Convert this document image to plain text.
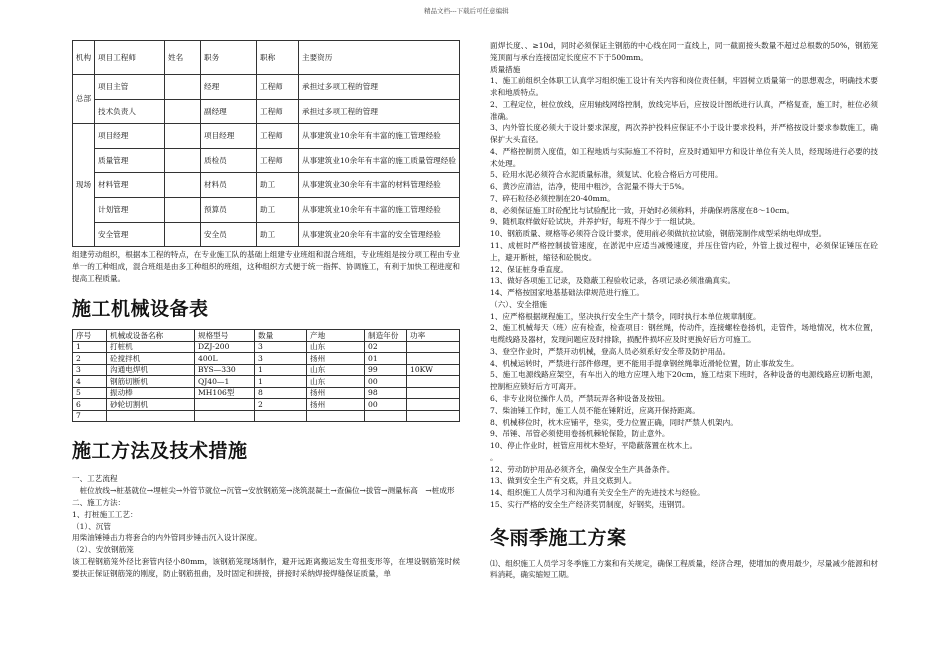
精品文档---下载后可任意编辑
机构	项目工程师	姓名	职务	职称	主要资历
总部	项目主管		经理	工程师	承担过多项工程的管理
	技术负责人		副经理	工程师	承担过多项工程的管理
现场	项目经理		项目经理	工程师	从事建筑业10余年有丰富的施工管理经验
	质量管理		质检员	工程师	从事建筑业10余年有丰富的施工质量管理经验
	材料管理		材料员	助工	从事建筑业30余年有丰富的材料管理经验
	计划管理		预算员	助工	从事建筑业10余年有丰富的施工管理经验
	安全管理		安全员	助工	从事建筑业20余年有丰富的安全管理经验
组建劳动组织，根据本工程的特点，在专业施工队的基础上组建专业班组和混合班组，专业班组是按分项工程由专业单一的工种组成，混合班组是由多工种组织的班组，这种组织方式便于统一指挥、协调施工，有利于加快工程进度和提高工程质量。
施工机械设备表
序号	机械或设备名称	规格型号	数量	产地	制造年份	功率
1	打桩机	DZJ-200	3	山东	02	
2	砼搅拌机	400L	3	扬州	01	
3	沟通电焊机	BYS—330	1	山东	99	10KW
4	钢筋切断机	QJ40—1	1	山东	00	
5	振动棒	MH106型	8	扬州	98	
6	砂轮切割机		2	扬州	00	
7						
施工方法及技术措施
一、工艺流程
　桩位放线→桩基就位→埋桩尖→外管节就位→沉管→安放钢筋笼→浇筑混凝土→查偏位→拔管→测量标高　→桩成形
二、施工方法：
1、打桩施工工艺：
（1）、沉管
用柴油锤锤击力将套合的内外管同步锤击沉入设计深度。
（2）、安放钢筋笼
该工程钢筋笼外径比套管内径小80mm，该钢筋笼现场制作，避开远距离搬运发生弯扭变形等，在埋设钢筋笼时候要扶正保证钢筋笼的刚度，防止钢筋扭曲，及时固定和拼接，拼接时采纳焊接焊缝保证质量，单
面焊长度、、≥10d，同时必须保证主钢筋的中心线在同一直线上，同一截面接头数量不超过总根数的50%，钢筋笼笼顶面与承台连接固定长度应不下于500mm。
质量措施
1、施工前组织全体职工认真学习组织施工设计有关内容和岗位责任制，牢固树立质量第一的思想观念，明确技术要求和地质特点。
2、工程定位，桩位放线，应用轴线网络控制，放线完毕后，应按设计图纸进行认真，严格复查，施工时，桩位必须准确。
3、内外管长度必须大于设计要求深度，两次养护投料应保证不小于设计要求投料，并严格按设计要求参数施工，确保扩大头直径。
4、严格控制贯入度值，如工程地质与实际施工不符时，应及时通知甲方和设计单位有关人员，经现场进行必要的技术处理。
5、砼用水泥必须符合水泥质量标准，须复试、化验合格后方可使用。
6、黄沙应清洁，洁净，使用中粗沙，含泥量不得大于5%。
7、碎石粒径必须控制在20-40mm。
8、必须保证施工时砼配比与试验配比一致，开始时必须称料，并确保坍落度在8～10cm。
9、随机取样做好砼试块，并养护好，每班不得少于一组试块。
10、钢筋质量、规格等必须符合设计要求，使用前必须做抗拉试验，钢筋笼制作成型采纳电焊成型。
11、成桩时严格控制拔管速度，在淤泥中应适当减慢速度，并压住管内砼，外管上拔过程中，必须保证锤压在砼上，避开断桩，缩径和砼脱皮。
12、保证桩身垂直度。
13、做好各项施工记录，及隐蔽工程验收记录，各项记录必须准确真实。
14、严格按国家地基基础法律规范进行施工。
（六）、安全措施
1、应严格根据规程施工，坚决执行安全生产十禁令，同时执行本单位规章制度。
2、施工机械每天（班）应有检查，检查项目：钢丝绳，传动件，连接螺栓卷扬机，走管件，场地情况，枕木位置，电缆线路及器材，发现问题应及时排除，损配件损坏应及时更换好后方可施工。
3、登空作业时，严禁开动机械，登高人员必须系好安全带及防护用品。
4、机械运转时，严禁进行部件修理，更不能用手提拿钢丝绳靠近滑轮位置，防止事故发生。
5、施工电源线路应架空，有车出入的地方应埋入地下20cm，施工结束下班时，各种设备的电源线路应切断电源，控制柜应锁好后方可离开。
6、非专业岗位操作人员，严禁玩弄各种设备及按钮。
7、柴油锤工作时，施工人员不能在锤附近，应离开保持距离。
8、机械移位时，枕木应铺平，垫实，受力位置正确，同时严禁人机架内。
9、吊锤、吊管必须使用卷扬机棘轮保险，防止意外。
10、停止作业时，桩管应用枕木垫好，平隐蔽落置在枕木上。
。
12、劳动防护用品必须齐全，确保安全生产具备条件。
13、做到安全生产有交底，并且交底到人。
14、组织施工人员学习和沟通有关安全生产的先进技术与经验。
15、实行严格的安全生产经济奖罚制度，好钢奖，违钢罚。
冬雨季施工方案
⑴、组织施工人员学习冬季施工方案和有关规定，确保工程质量，经济合理，使增加的费用最少，尽量减少能源和材料消耗，确实缩短工期。
